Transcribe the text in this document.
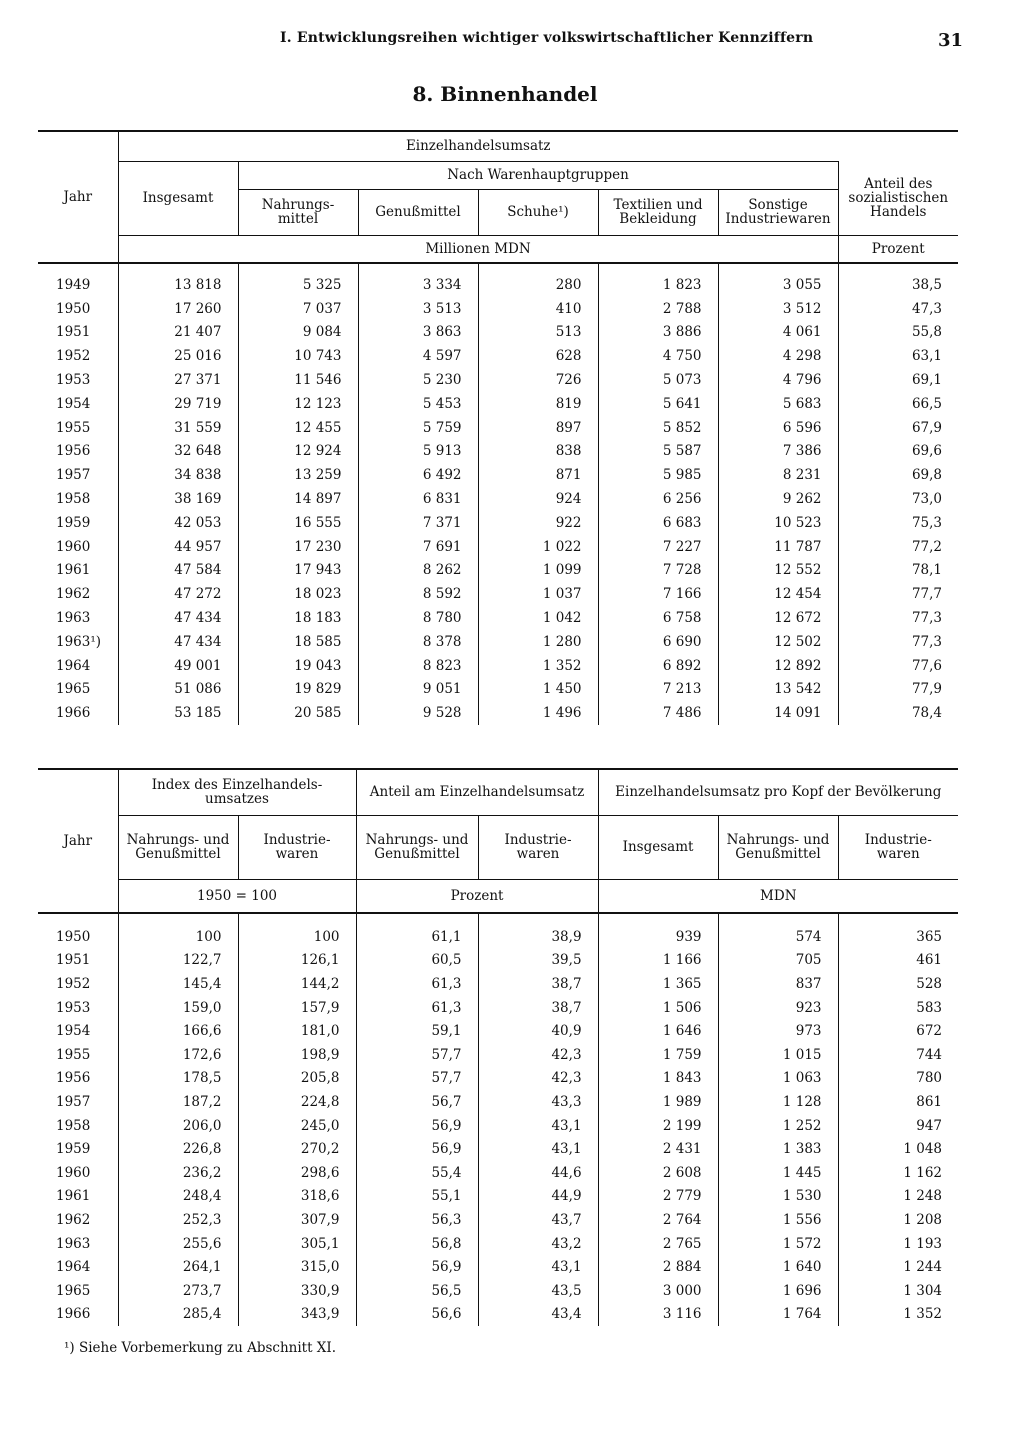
I. Entwicklungsreihen wichtiger volkswirtschaftlicher Kennziffern	31
8. Binnenhandel
Jahr	Einzelhandelsumsatz						
	Insgesamt	Nach Warenhauptgruppen					Anteil des sozialistischen Handels
		Nahrungs- mittel	Genußmittel	Schuhe¹)	Textilien und Bekleidung	Sonstige Industriewaren	
	Millionen MDN						Prozent

1949	13 818	5 325	3 334	280	1 823	3 055	38,5
1950	17 260	7 037	3 513	410	2 788	3 512	47,3
1951	21 407	9 084	3 863	513	3 886	4 061	55,8
1952	25 016	10 743	4 597	628	4 750	4 298	63,1
1953	27 371	11 546	5 230	726	5 073	4 796	69,1
1954	29 719	12 123	5 453	819	5 641	5 683	66,5
1955	31 559	12 455	5 759	897	5 852	6 596	67,9
1956	32 648	12 924	5 913	838	5 587	7 386	69,6
1957	34 838	13 259	6 492	871	5 985	8 231	69,8
1958	38 169	14 897	6 831	924	6 256	9 262	73,0
1959	42 053	16 555	7 371	922	6 683	10 523	75,3
1960	44 957	17 230	7 691	1 022	7 227	11 787	77,2
1961	47 584	17 943	8 262	1 099	7 728	12 552	78,1
1962	47 272	18 023	8 592	1 037	7 166	12 454	77,7
1963	47 434	18 183	8 780	1 042	6 758	12 672	77,3
1963¹)	47 434	18 585	8 378	1 280	6 690	12 502	77,3
1964	49 001	19 043	8 823	1 352	6 892	12 892	77,6
1965	51 086	19 829	9 051	1 450	7 213	13 542	77,9
1966	53 185	20 585	9 528	1 496	7 486	14 091	78,4
Jahr	Index des Einzelhandels- umsatzes		Anteil am Einzelhandelsumsatz		Einzelhandelsumsatz pro Kopf der Bevölkerung		
	Nahrungs- und Genußmittel	Industrie- waren	Nahrungs- und Genußmittel	Industrie- waren	Insgesamt	Nahrungs- und Genußmittel	Industrie- waren
	1950 = 100		Prozent		MDN		

1950	100	100	61,1	38,9	939	574	365
1951	122,7	126,1	60,5	39,5	1 166	705	461
1952	145,4	144,2	61,3	38,7	1 365	837	528
1953	159,0	157,9	61,3	38,7	1 506	923	583
1954	166,6	181,0	59,1	40,9	1 646	973	672
1955	172,6	198,9	57,7	42,3	1 759	1 015	744
1956	178,5	205,8	57,7	42,3	1 843	1 063	780
1957	187,2	224,8	56,7	43,3	1 989	1 128	861
1958	206,0	245,0	56,9	43,1	2 199	1 252	947
1959	226,8	270,2	56,9	43,1	2 431	1 383	1 048
1960	236,2	298,6	55,4	44,6	2 608	1 445	1 162
1961	248,4	318,6	55,1	44,9	2 779	1 530	1 248
1962	252,3	307,9	56,3	43,7	2 764	1 556	1 208
1963	255,6	305,1	56,8	43,2	2 765	1 572	1 193
1964	264,1	315,0	56,9	43,1	2 884	1 640	1 244
1965	273,7	330,9	56,5	43,5	3 000	1 696	1 304
1966	285,4	343,9	56,6	43,4	3 116	1 764	1 352
¹) Siehe Vorbemerkung zu Abschnitt XI.
